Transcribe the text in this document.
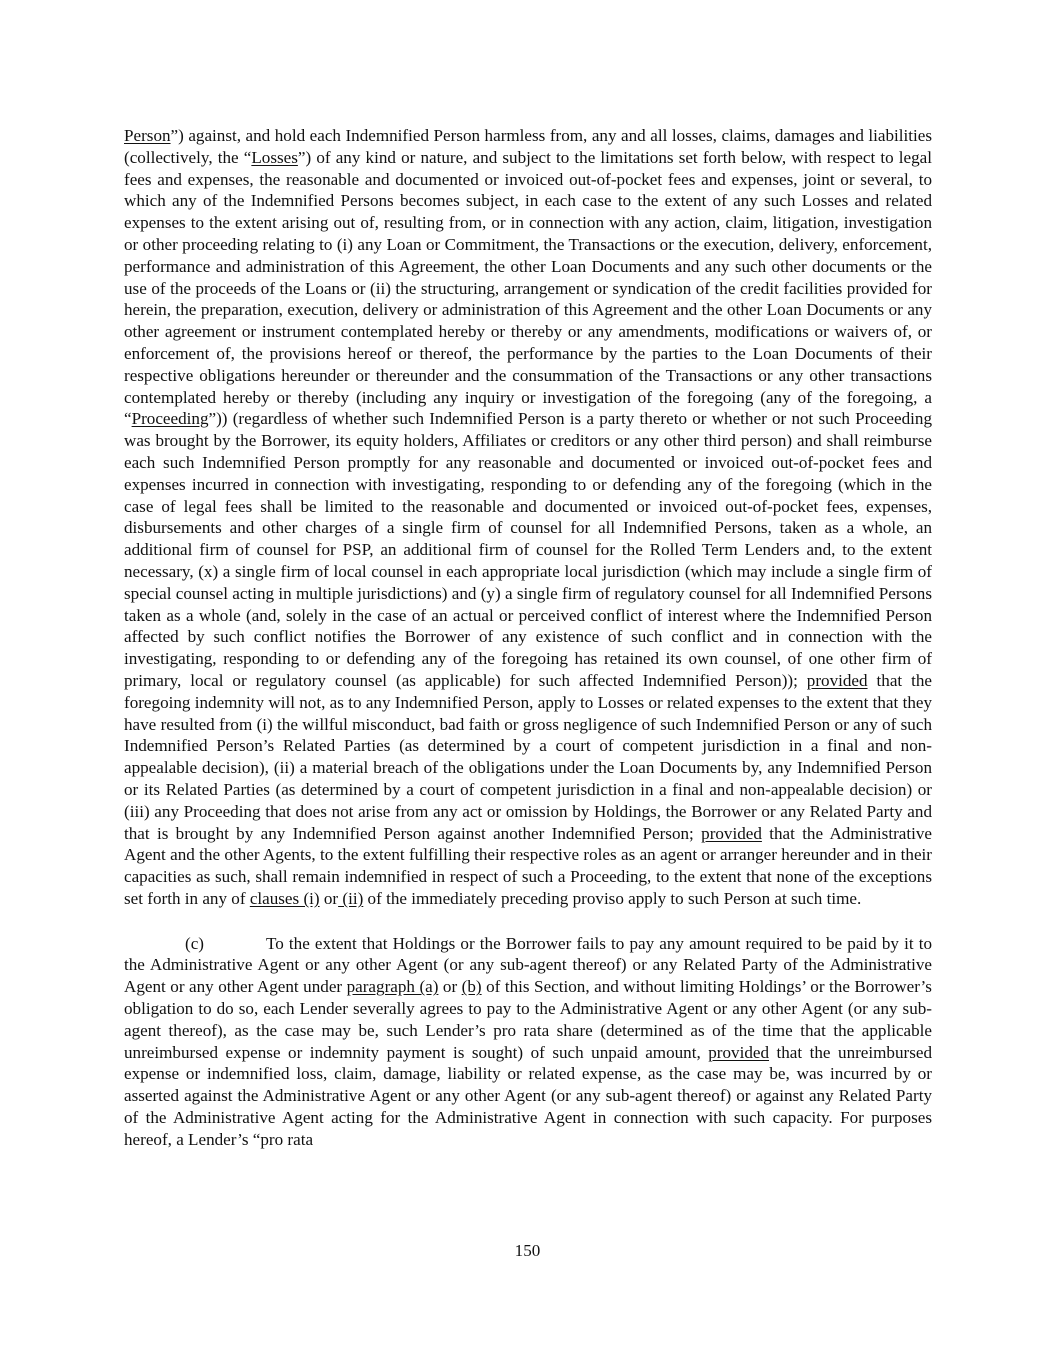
Person”) against, and hold each Indemnified Person harmless from, any and all losses, claims, damages and liabilities (collectively, the “Losses”) of any kind or nature, and subject to the limitations set forth below, with respect to legal fees and expenses, the reasonable and documented or invoiced out-of-pocket fees and expenses, joint or several, to which any of the Indemnified Persons becomes subject, in each case to the extent of any such Losses and related expenses to the extent arising out of, resulting from, or in connection with any action, claim, litigation, investigation or other proceeding relating to (i) any Loan or Commitment, the Transactions or the execution, delivery, enforcement, performance and administration of this Agreement, the other Loan Documents and any such other documents or the use of the proceeds of the Loans or (ii) the structuring, arrangement or syndication of the credit facilities provided for herein, the preparation, execution, delivery or administration of this Agreement and the other Loan Documents or any other agreement or instrument contemplated hereby or thereby or any amendments, modifications or waivers of, or enforcement of, the provisions hereof or thereof, the performance by the parties to the Loan Documents of their respective obligations hereunder or thereunder and the consummation of the Transactions or any other transactions contemplated hereby or thereby (including any inquiry or investigation of the foregoing (any of the foregoing, a “Proceeding”)) (regardless of whether such Indemnified Person is a party thereto or whether or not such Proceeding was brought by the Borrower, its equity holders, Affiliates or creditors or any other third person) and shall reimburse each such Indemnified Person promptly for any reasonable and documented or invoiced out-of-pocket fees and expenses incurred in connection with investigating, responding to or defending any of the foregoing (which in the case of legal fees shall be limited to the reasonable and documented or invoiced out-of-pocket fees, expenses, disbursements and other charges of a single firm of counsel for all Indemnified Persons, taken as a whole, an additional firm of counsel for PSP, an additional firm of counsel for the Rolled Term Lenders and, to the extent necessary, (x) a single firm of local counsel in each appropriate local jurisdiction (which may include a single firm of special counsel acting in multiple jurisdictions) and (y) a single firm of regulatory counsel for all Indemnified Persons taken as a whole (and, solely in the case of an actual or perceived conflict of interest where the Indemnified Person affected by such conflict notifies the Borrower of any existence of such conflict and in connection with the investigating, responding to or defending any of the foregoing has retained its own counsel, of one other firm of primary, local or regulatory counsel (as applicable) for such affected Indemnified Person)); provided that the foregoing indemnity will not, as to any Indemnified Person, apply to Losses or related expenses to the extent that they have resulted from (i) the willful misconduct, bad faith or gross negligence of such Indemnified Person or any of such Indemnified Person’s Related Parties (as determined by a court of competent jurisdiction in a final and non-appealable decision), (ii) a material breach of the obligations under the Loan Documents by, any Indemnified Person or its Related Parties (as determined by a court of competent jurisdiction in a final and non-appealable decision) or (iii) any Proceeding that does not arise from any act or omission by Holdings, the Borrower or any Related Party and that is brought by any Indemnified Person against another Indemnified Person; provided that the Administrative Agent and the other Agents, to the extent fulfilling their respective roles as an agent or arranger hereunder and in their capacities as such, shall remain indemnified in respect of such a Proceeding, to the extent that none of the exceptions set forth in any of clauses (i) or (ii) of the immediately preceding proviso apply to such Person at such time.

(c)	To the extent that Holdings or the Borrower fails to pay any amount required to be paid by it to the Administrative Agent or any other Agent (or any sub-agent thereof) or any Related Party of the Administrative Agent or any other Agent under paragraph (a) or (b) of this Section, and without limiting Holdings’ or the Borrower’s obligation to do so, each Lender severally agrees to pay to the Administrative Agent or any other Agent (or any sub-agent thereof), as the case may be, such Lender’s pro rata share (determined as of the time that the applicable unreimbursed expense or indemnity payment is sought) of such unpaid amount, provided that the unreimbursed expense or indemnified loss, claim, damage, liability or related expense, as the case may be, was incurred by or asserted against the Administrative Agent or any other Agent (or any sub-agent thereof) or against any Related Party of the Administrative Agent acting for the Administrative Agent in connection with such capacity. For purposes hereof, a Lender’s “pro rata

150
